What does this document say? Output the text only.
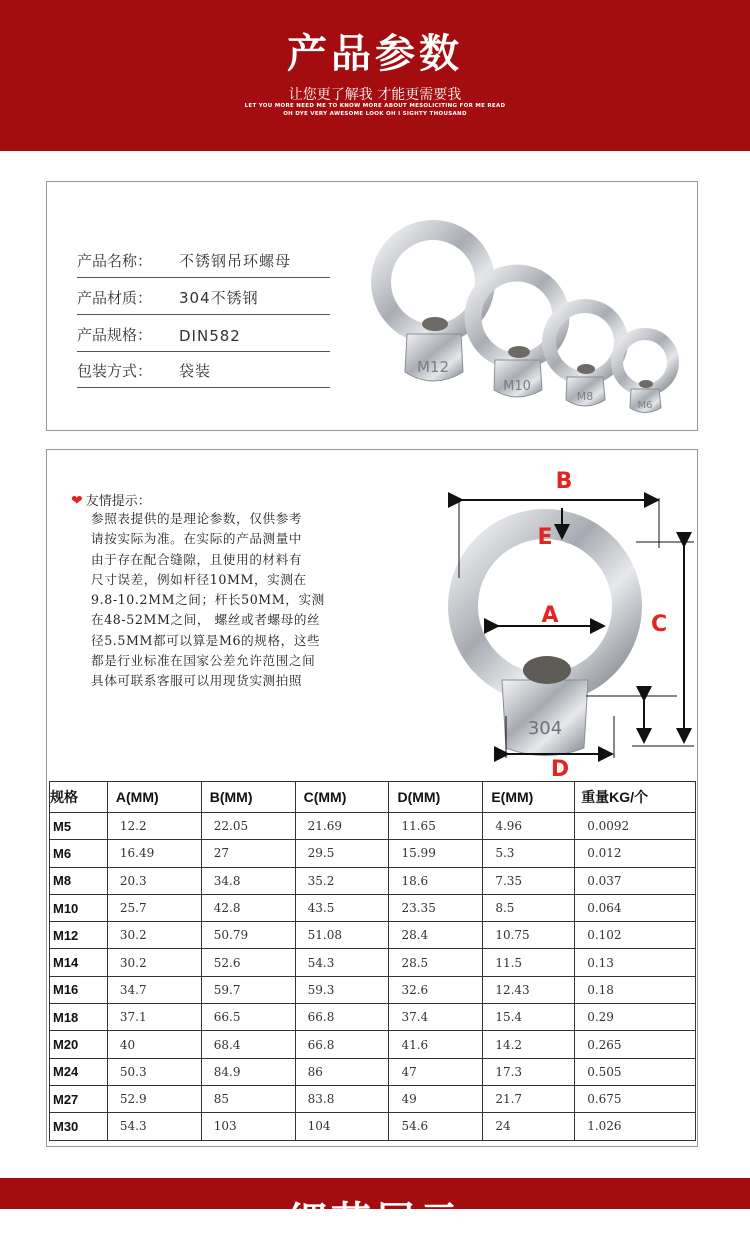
产品参数
让您更了解我 才能更需要我
LET YOU MORE NEED ME TO KNOW MORE ABOUT MESOLICITING FOR ME READ
OH DYE VERY AWESOME LOOK OH I SIGHTY THOUSAND
产品名称： 不锈钢吊环螺母
产品材质： 304不锈钢
产品规格： DIN582
包装方式： 袋装	M12
M10
M8
M6
❤ 友情提示：
参照表提供的是理论参数，仅供参考
请按实际为准。在实际的产品测量中
由于存在配合缝隙，且使用的材料有
尺寸误差，例如杆径10MM，实测在
9.8-10.2MM之间；杆长50MM，实测
在48-52MM之间， 螺丝或者螺母的丝
径5.5MM都可以算是M6的规格，这些
都是行业标准在国家公差允许范围之间
具体可联系客服可以用现货实测拍照
304
B
E
A
D
C
规格	A(MM)	B(MM)	C(MM)	D(MM)	E(MM)	重量KG/个
M5	12.2	22.05	21.69	11.65	4.96	0.0092
M6	16.49	27	29.5	15.99	5.3	0.012
M8	20.3	34.8	35.2	18.6	7.35	0.037
M10	25.7	42.8	43.5	23.35	8.5	0.064
M12	30.2	50.79	51.08	28.4	10.75	0.102
M14	30.2	52.6	54.3	28.5	11.5	0.13
M16	34.7	59.7	59.3	32.6	12.43	0.18
M18	37.1	66.5	66.8	37.4	15.4	0.29
M20	40	68.4	66.8	41.6	14.2	0.265
M24	50.3	84.9	86	47	17.3	0.505
M27	52.9	85	83.8	49	21.7	0.675
M30	54.3	103	104	54.6	24	1.026
细节展示
